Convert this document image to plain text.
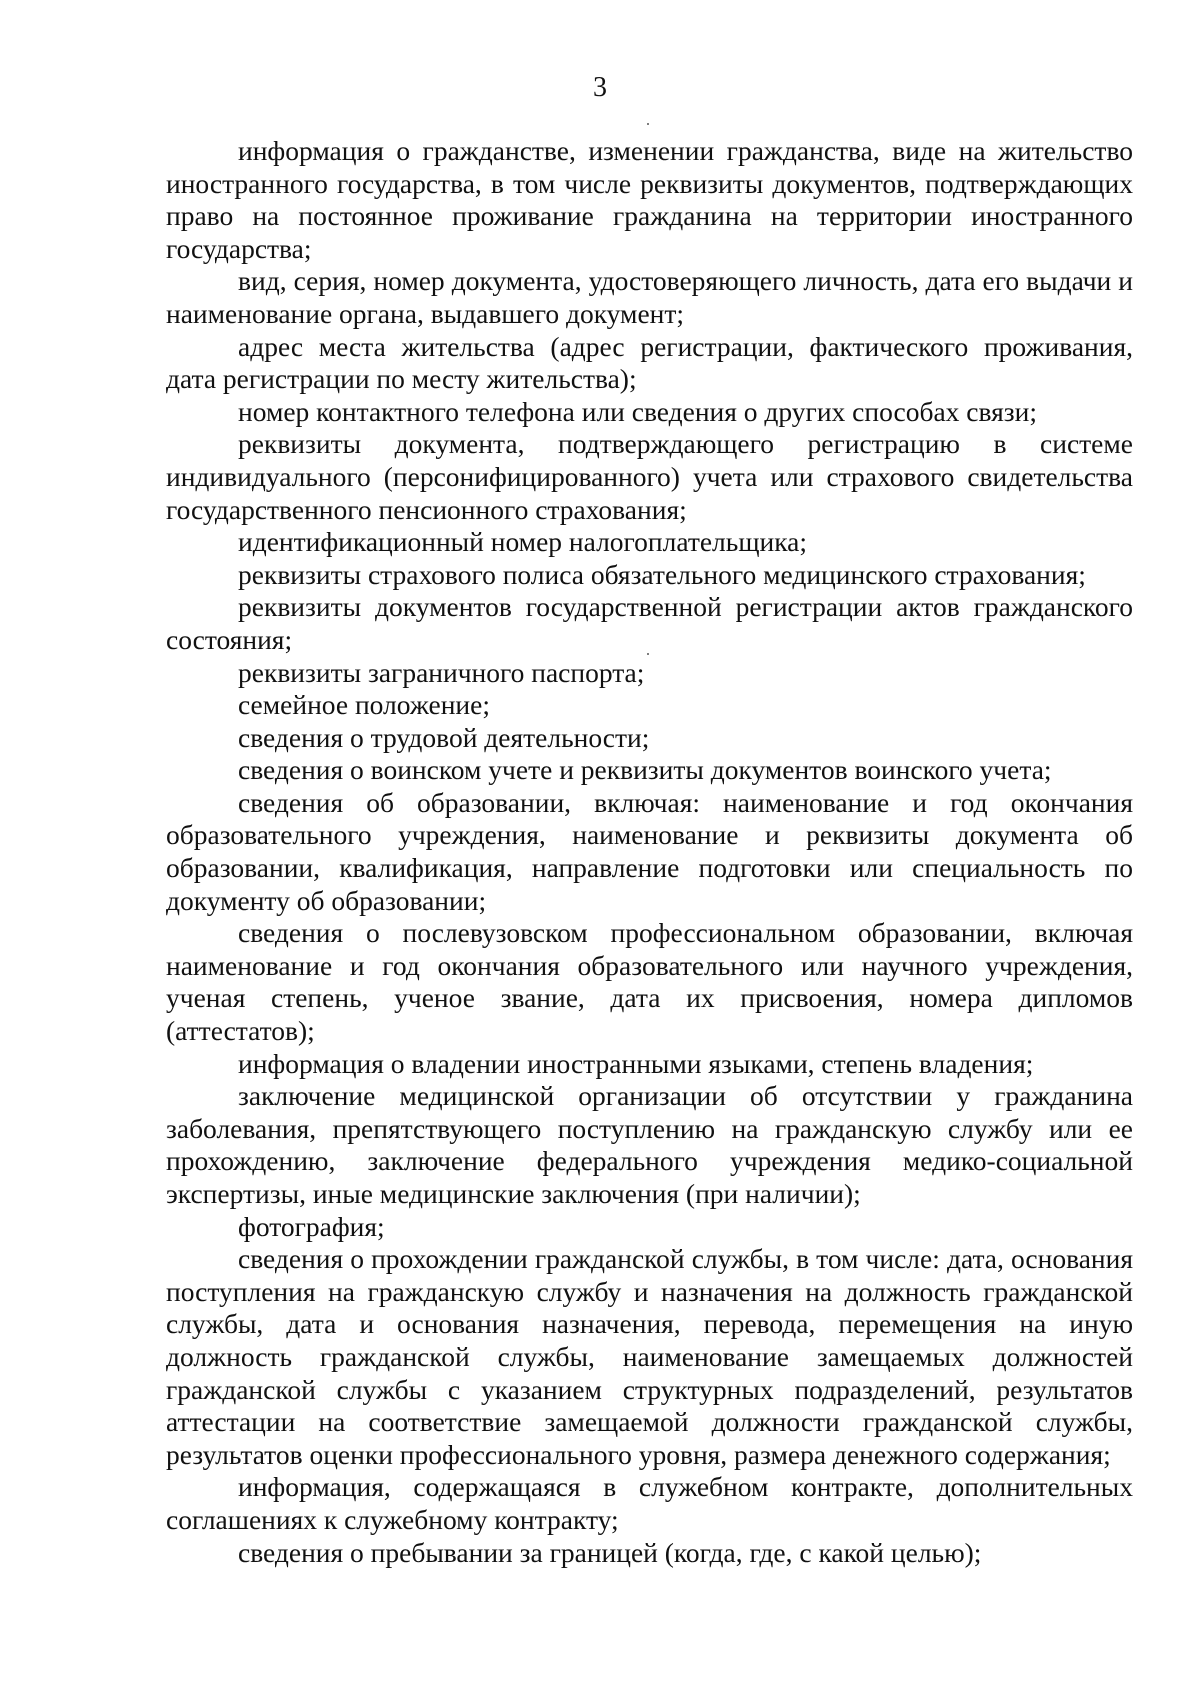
3

информация о гражданстве, изменении гражданства, виде на жительство иностранного государства, в том числе реквизиты документов, подтверждающих право на постоянное проживание гражданина на территории иностранного государства;

вид, серия, номер документа, удостоверяющего личность, дата его выдачи и наименование органа, выдавшего документ;

адрес места жительства (адрес регистрации, фактического проживания, дата регистрации по месту жительства);

номер контактного телефона или сведения о других способах связи;

реквизиты документа, подтверждающего регистрацию в системе индивидуального (персонифицированного) учета или страхового свидетельства государственного пенсионного страхования;

идентификационный номер налогоплательщика;

реквизиты страхового полиса обязательного медицинского страхования;

реквизиты документов государственной регистрации актов гражданского состояния;

реквизиты заграничного паспорта;

семейное положение;

сведения о трудовой деятельности;

сведения о воинском учете и реквизиты документов воинского учета;

сведения об образовании, включая: наименование и год окончания образовательного учреждения, наименование и реквизиты документа об образовании, квалификация, направление подготовки или специальность по документу об образовании;

сведения о послевузовском профессиональном образовании, включая наименование и год окончания образовательного или научного учреждения, ученая степень, ученое звание, дата их присвоения, номера дипломов (аттестатов);

информация о владении иностранными языками, степень владения;

заключение медицинской организации об отсутствии у гражданина заболевания, препятствующего поступлению на гражданскую службу или ее прохождению, заключение федерального учреждения медико-социальной экспертизы, иные медицинские заключения (при наличии);

фотография;

сведения о прохождении гражданской службы, в том числе: дата, основания поступления на гражданскую службу и назначения на должность гражданской службы, дата и основания назначения, перевода, перемещения на иную должность гражданской службы, наименование замещаемых должностей гражданской службы с указанием структурных подразделений, результатов аттестации на соответствие замещаемой должности гражданской службы, результатов оценки профессионального уровня, размера денежного содержания;

информация, содержащаяся в служебном контракте, дополнительных соглашениях к служебному контракту;

сведения о пребывании за границей (когда, где, с какой целью);
